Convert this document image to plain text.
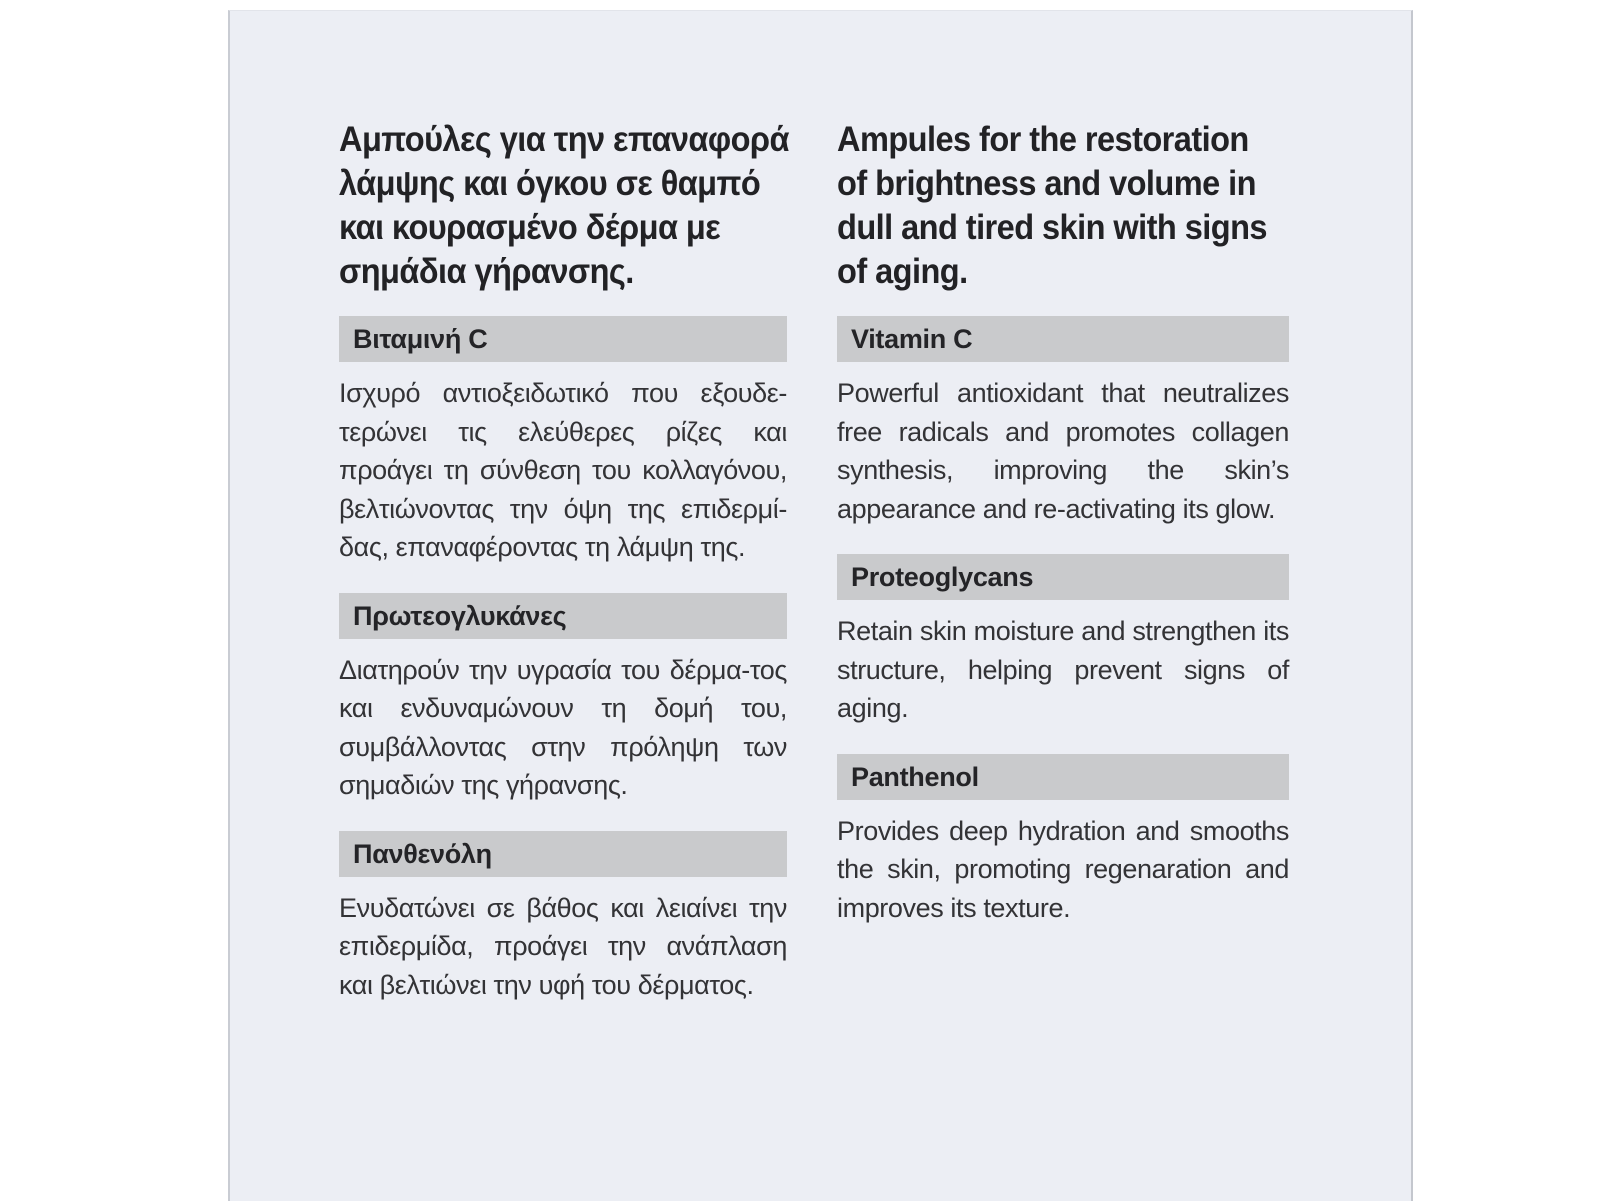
Αμπούλες για την επαναφορά
λάμψης και όγκου σε θαμπό
και κουρασμένο δέρμα με
σημάδια γήρανσης.
Βιταμινή C

Ισχυρό αντιοξειδωτικό που εξουδε-τερώνει τις ελεύθερες ρίζες και προάγει τη σύνθεση του κολλαγόνου, βελτιώνοντας την όψη της επιδερμί-δας, επαναφέροντας τη λάμψη της.

Πρωτεογλυκάνες

Διατηρούν την υγρασία του δέρμα-τος και ενδυναμώνουν τη δομή του, συμβάλλοντας στην πρόληψη των σημαδιών της γήρανσης.

Πανθενόλη

Ενυδατώνει σε βάθος και λειαίνει την επιδερμίδα, προάγει την ανάπλαση και βελτιώνει την υφή του δέρματος.

Ampules for the restoration
of brightness and volume in
dull and tired skin with signs
of aging.
Vitamin C

Powerful antioxidant that neutralizes free radicals and promotes collagen synthesis, improving the skin’s appearance and re-activating its glow.

Proteoglycans

Retain skin moisture and strengthen its structure, helping prevent signs of aging.

Panthenol

Provides deep hydration and smooths the skin, promoting regenaration and improves its texture.
